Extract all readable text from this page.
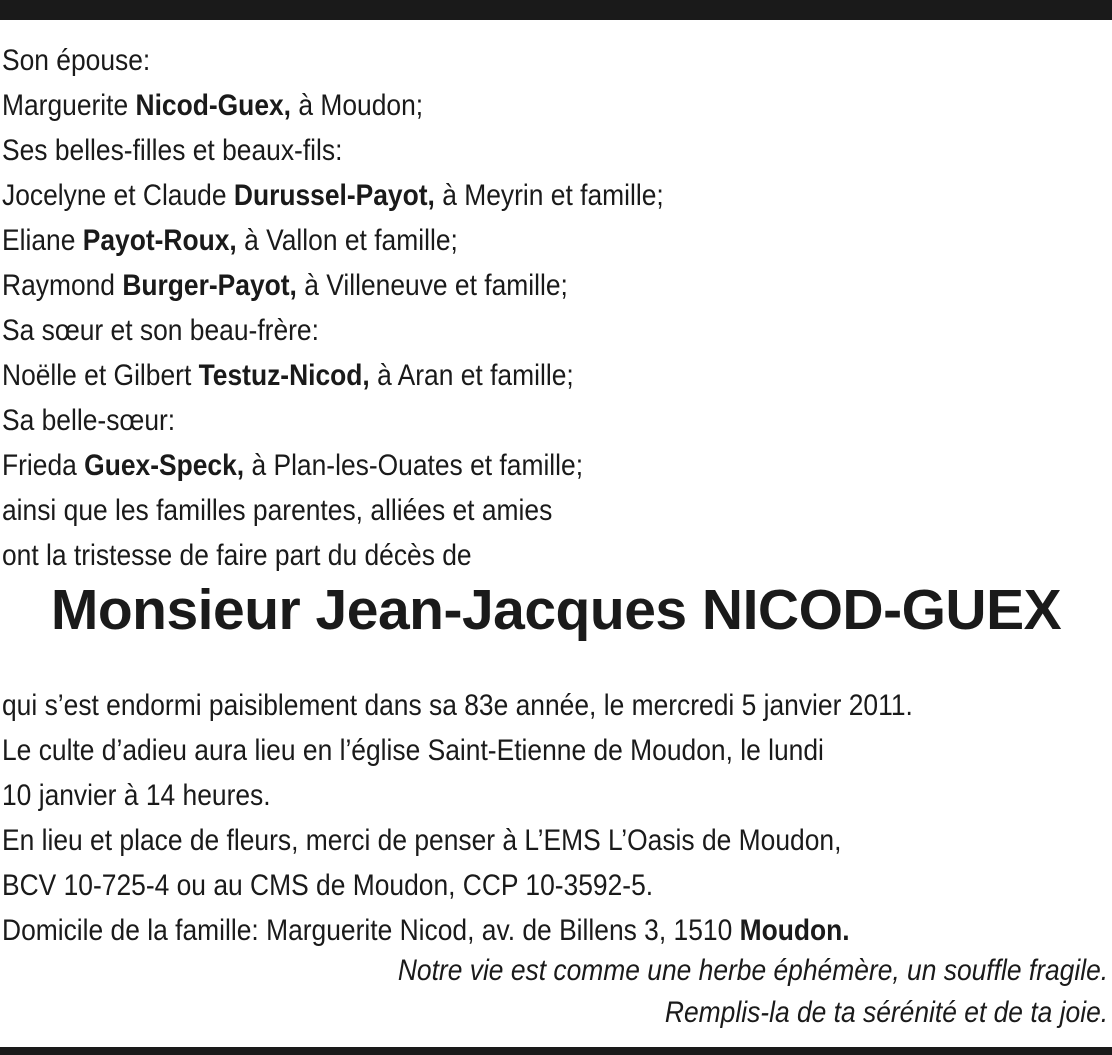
Son épouse:
Marguerite Nicod-Guex, à Moudon;
Ses belles-filles et beaux-fils:
Jocelyne et Claude Durussel-Payot, à Meyrin et famille;
Eliane Payot-Roux, à Vallon et famille;
Raymond Burger-Payot, à Villeneuve et famille;
Sa sœur et son beau-frère:
Noëlle et Gilbert Testuz-Nicod, à Aran et famille;
Sa belle-sœur:
Frieda Guex-Speck, à Plan-les-Ouates et famille;
ainsi que les familles parentes, alliées et amies
ont la tristesse de faire part du décès de
Monsieur Jean-Jacques NICOD-GUEX
qui s’est endormi paisiblement dans sa 83e année, le mercredi 5 janvier 2011.
Le culte d’adieu aura lieu en l’église Saint-Etienne de Moudon, le lundi
10 janvier à 14 heures.
En lieu et place de fleurs, merci de penser à L’EMS L’Oasis de Moudon,
BCV 10-725-4 ou au CMS de Moudon, CCP 10-3592-5.
Domicile de la famille: Marguerite Nicod, av. de Billens 3, 1510 Moudon.
Notre vie est comme une herbe éphémère, un souffle fragile.
Remplis-la de ta sérénité et de ta joie.
